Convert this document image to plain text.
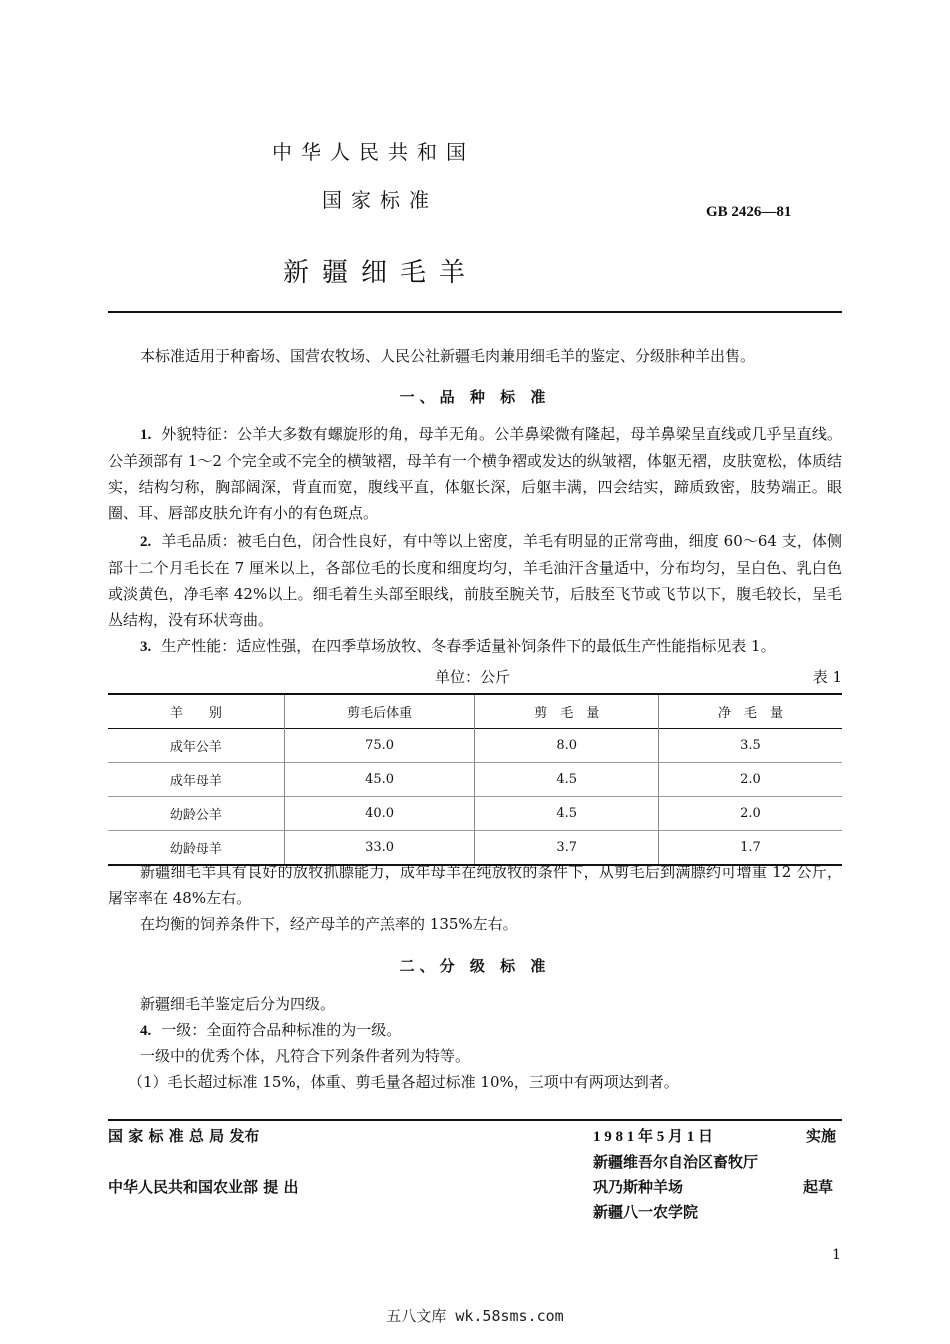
中华人民共和国
国家标准	GB 2426—81
新疆细毛羊
本标准适用于种畜场、国营农牧场、人民公社新疆毛肉兼用细毛羊的鉴定、分级胩种羊出售。
一、品 种 标 准
1. 外貌特征：公羊大多数有螺旋形的角，母羊无角。公羊鼻梁微有隆起，母羊鼻梁呈直线或几乎呈直线。公羊颈部有 1～2 个完全或不完全的横皱褶，母羊有一个横争褶或发达的纵皱褶，体躯无褶，皮肤宽松，体质结实，结构匀称，胸部阔深，背直而宽，腹线平直，体躯长深，后躯丰满，四会结实，蹄质致密，肢势端正。眼圈、耳、唇部皮肤允许有小的有色斑点。
2. 羊毛品质：被毛白色，闭合性良好，有中等以上密度，羊毛有明显的正常弯曲，细度 60～64 支，体侧部十二个月毛长在 7 厘米以上，各部位毛的长度和细度均匀，羊毛油汗含量适中，分布均匀，呈白色、乳白色或淡黄色，净毛率 42%以上。细毛着生头部至眼线，前肢至腕关节，后肢至飞节或飞节以下，腹毛较长，呈毛丛结构，没有环状弯曲。
3. 生产性能：适应性强，在四季草场放牧、冬春季适量补饲条件下的最低生产性能指标见表 1。
单位：公斤	表 1
羊　　别	剪毛后体重	剪　毛　量	净　毛　量
成年公羊	75.0	8.0	3.5
成年母羊	45.0	4.5	2.0
幼龄公羊	40.0	4.5	2.0
幼龄母羊	33.0	3.7	1.7
新疆细毛羊具有良好的放牧抓膘能力，成年母羊在纯放牧的条件下，从剪毛后到满膘约可增重 12 公斤，屠宰率在 48%左右。
在均衡的饲养条件下，经产母羊的产羔率的 135%左右。
二、分 级 标 准
新疆细毛羊鉴定后分为四级。
4. 一级：全面符合品种标准的为一级。
一级中的优秀个体，凡符合下列条件者列为特等。
（1）毛长超过标准 15%，体重、剪毛量各超过标准 10%，三项中有两项达到者。
国 家 标 准 总 局 发布	1 9 8 1 年 5 月 1 日	实施
新疆维吾尔自治区畜牧厅
中华人民共和国农业部 提 出	巩乃斯种羊场	起草
新疆八一农学院
1
五八文库 wk.58sms.com
